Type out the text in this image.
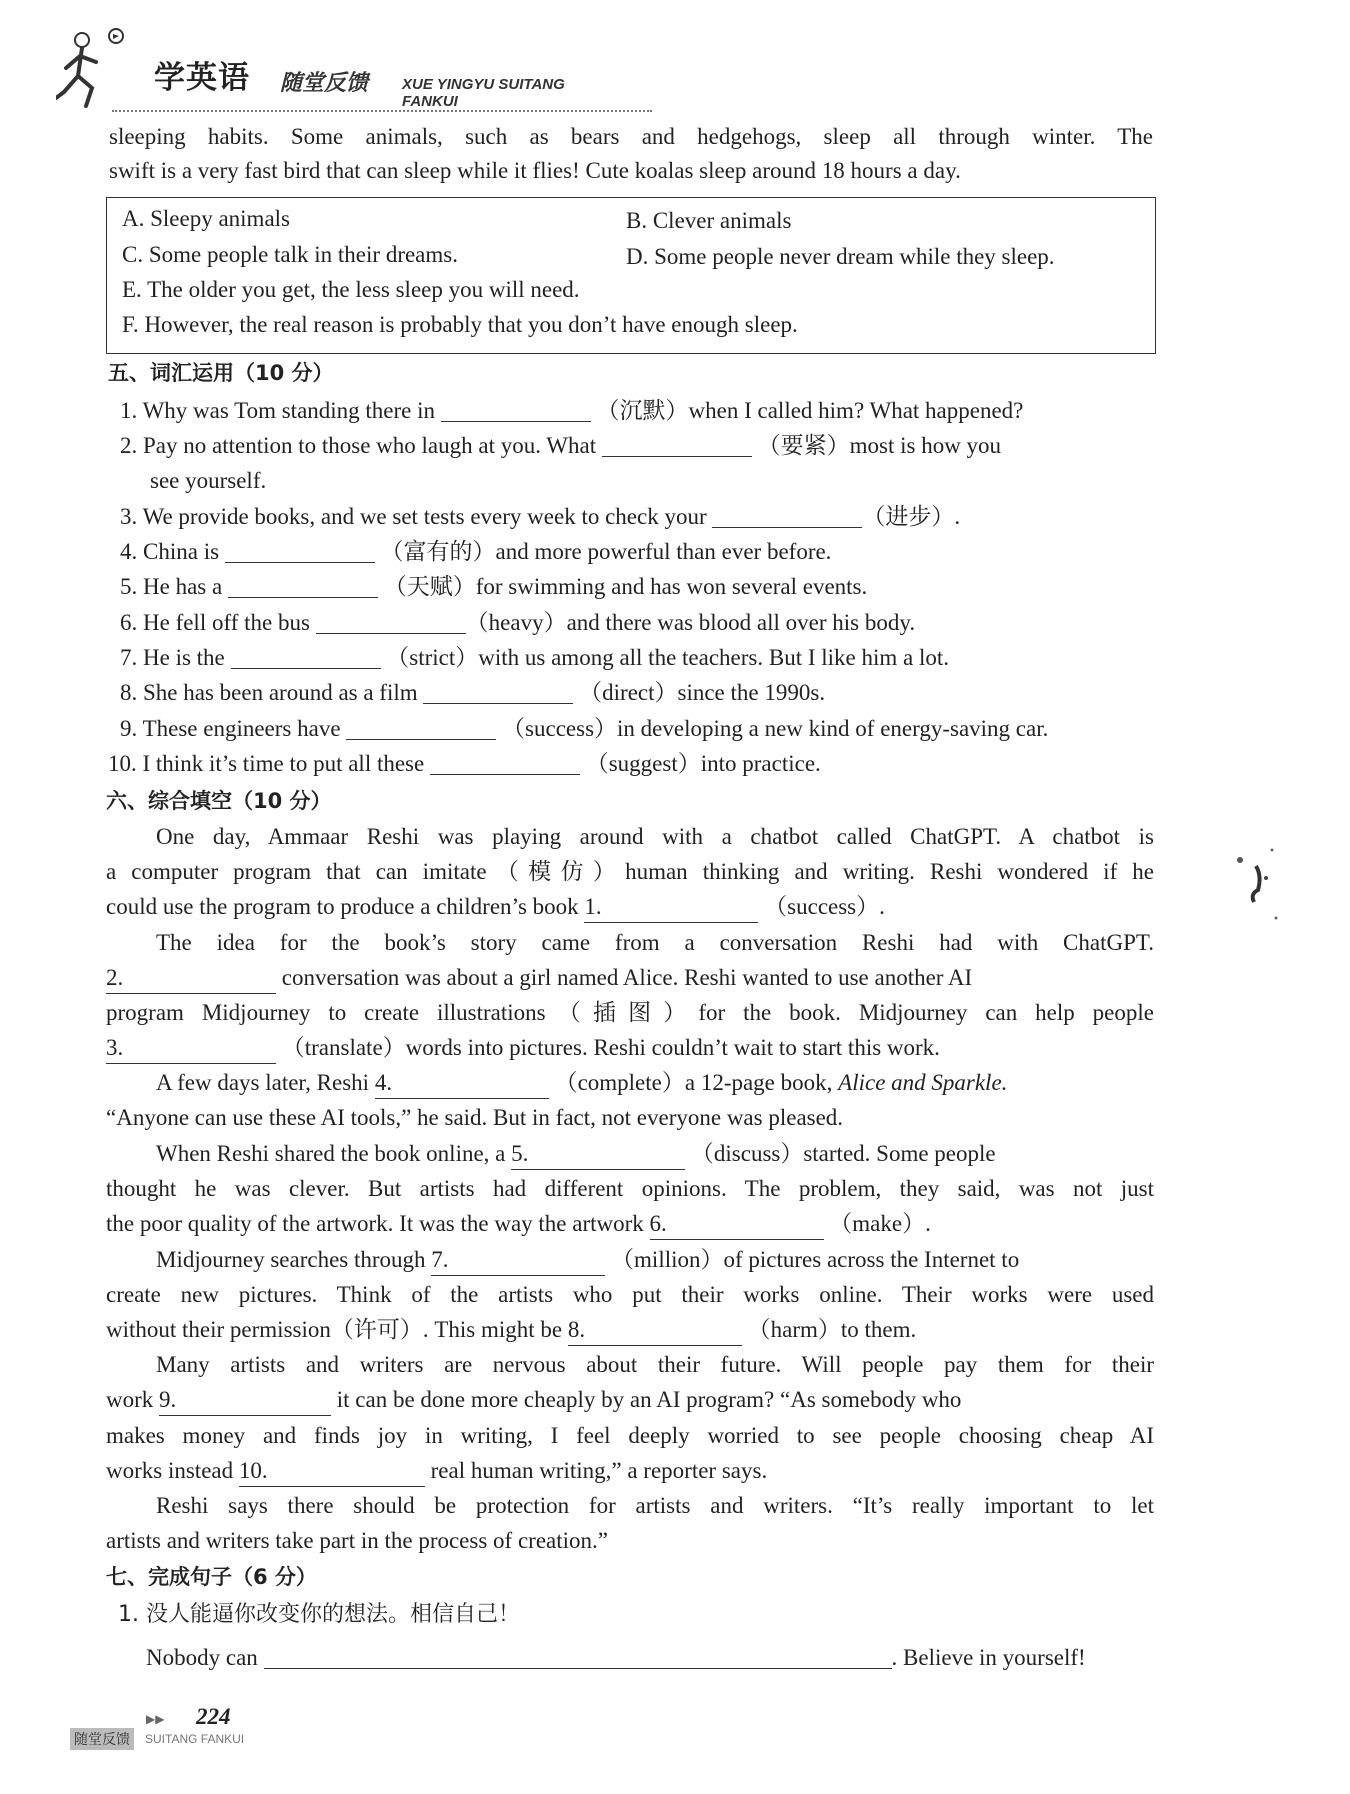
学英语 随堂反馈 XUE YINGYU SUITANG FANKUI
sleeping habits. Some animals, such as bears and hedgehogs, sleep all through winter. The
swift is a very fast bird that can sleep while it flies! Cute koalas sleep around 18 hours a day.
A. Sleepy animals	B. Clever animals
C. Some people talk in their dreams.	D. Some people never dream while they sleep.
E. The older you get, the less sleep you will need.
F. However, the real reason is probably that you don’t have enough sleep.
五、词汇运用（10 分）
1. Why was Tom standing there in	（沉默）when I called him? What happened?
2. Pay no attention to those who laugh at you. What	（要紧）most is how you
see yourself.
3. We provide books, and we set tests every week to check your	（进步）.
4. China is	（富有的）and more powerful than ever before.
5. He has a	（天赋）for swimming and has won several events.
6. He fell off the bus	（heavy）and there was blood all over his body.
7. He is the	（strict）with us among all the teachers. But I like him a lot.
8. She has been around as a film	（direct）since the 1990s.
9. These engineers have	（success）in developing a new kind of energy-saving car.
10. I think it’s time to put all these	（suggest）into practice.
六、综合填空（10 分）
One day, Ammaar Reshi was playing around with a chatbot called ChatGPT. A chatbot is
a computer program that can imitate（模仿）human thinking and writing. Reshi wondered if he
could use the program to produce a children’s book 1.	（success）.
The idea for the book’s story came from a conversation Reshi had with ChatGPT.
2.	conversation was about a girl named Alice. Reshi wanted to use another AI
program Midjourney to create illustrations（插图）for the book. Midjourney can help people
3.	（translate）words into pictures. Reshi couldn’t wait to start this work.
A few days later, Reshi 4.	（complete）a 12-page book, Alice and Sparkle.
“Anyone can use these AI tools,” he said. But in fact, not everyone was pleased.
When Reshi shared the book online, a 5.	（discuss）started. Some people
thought he was clever. But artists had different opinions. The problem, they said, was not just
the poor quality of the artwork. It was the way the artwork 6.	（make）.
Midjourney searches through 7.	（million）of pictures across the Internet to
create new pictures. Think of the artists who put their works online. Their works were used
without their permission（许可）. This might be 8.	（harm）to them.
Many artists and writers are nervous about their future. Will people pay them for their
work 9.	it can be done more cheaply by an AI program? “As somebody who
makes money and finds joy in writing, I feel deeply worried to see people choosing cheap AI
works instead 10.	real human writing,” a reporter says.
Reshi says there should be protection for artists and writers. “It’s really important to let
artists and writers take part in the process of creation.”
七、完成句子（6 分）
1. 没人能逼你改变你的想法。相信自己！
Nobody can	. Believe in yourself!
▶▶ 224
随堂反馈	SUITANG FANKUI
